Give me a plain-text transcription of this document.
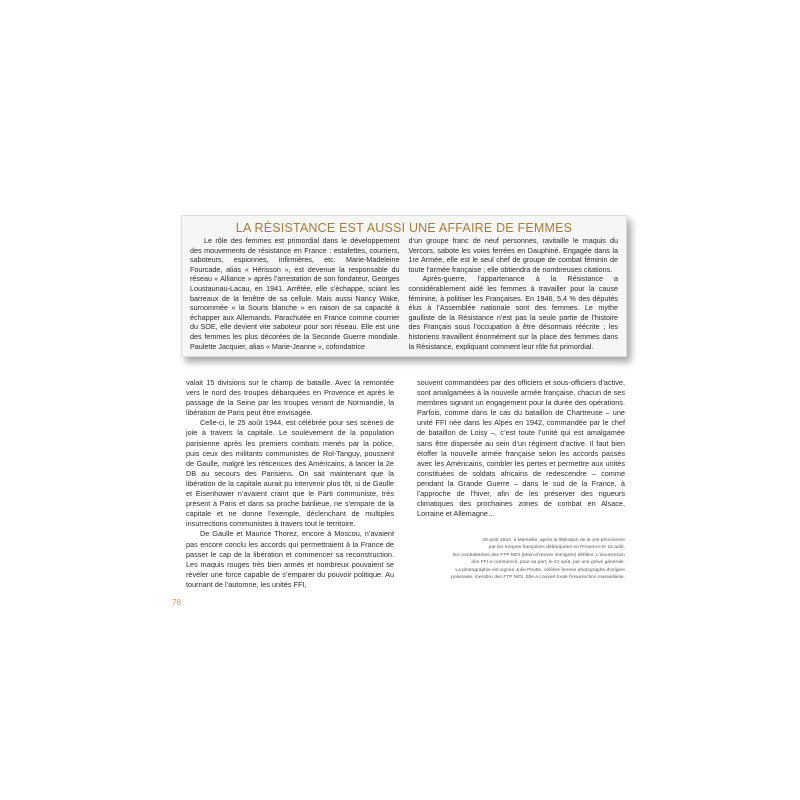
LA RÉSISTANCE EST AUSSI UNE AFFAIRE DE FEMMES

Le rôle des femmes est primordial dans le développement des mouvements de résistance en France : estafettes, courriers, saboteurs, espionnes, infirmières, etc. Marie-Madeleine Fourcade, alias « Hérisson », est devenue la responsable du réseau « Alliance » après l’arrestation de son fondateur, Georges Loustaunau-Lacau, en 1941. Arrêtée, elle s’échappe, sciant les barreaux de la fenêtre de sa cellule. Mais aussi Nancy Wake, surnommée « la Souris blanche » en raison de sa capacité à échapper aux Allemands. Parachutée en France comme courrier du SOE, elle devient vite saboteur pour son réseau. Elle est une des femmes les plus décorées de la Seconde Guerre mondiale. Paulette Jacquier, alias « Marie-Jeanne », cofondatrice

d’un groupe franc de neuf personnes, ravitaille le maquis du Vercors, sabote les voies ferrées en Dauphiné. Engagée dans la 1re Armée, elle est le seul chef de groupe de combat féminin de toute l’armée française ; elle obtiendra de nombreuses citations.

Après-guerre, l’appartenance à la Résistance a considérablement aidé les femmes à travailler pour la cause féminine, à politiser les Françaises. En 1946, 5,4 % des députés élus à l’Assemblée nationale sont des femmes. Le mythe gaulliste de la Résistance n’est pas la seule partie de l’histoire des Français sous l’occupation à être désormais réécrite ; les historiens travaillent énormément sur la place des femmes dans la Résistance, expliquant comment leur rôle fut primordial.

valait 15 divisions sur le champ de bataille. Avec la remontée vers le nord des troupes débarquées en Provence et après le passage de la Seine par les troupes venant de Normandie, la libération de Paris peut être envisagée.

Celle-ci, le 25 août 1944, est célébrée pour ses scènes de joie à travers la capitale. Le soulèvement de la population parisienne après les premiers combats menés par la police, puis ceux des militants communistes de Rol-Tanguy, poussent de Gaulle, malgré les réticences des Américains, à lancer la 2e DB au secours des Parisiens. On sait maintenant que la libération de la capitale aurait pu intervenir plus tôt, si de Gaulle et Eisenhower n’avaient craint que le Parti communiste, très présent à Paris et dans sa proche banlieue, ne s’empare de la capitale et ne donne l’exemple, déclenchant de multiples insurrections communistes à travers tout le territoire.

De Gaulle et Maurice Thorez, encore à Moscou, n’avaient pas encore conclu les accords qui permettraient à la France de passer le cap de la libération et commencer sa reconstruction. Les maquis rouges très bien armés et nombreux pouvaient se révéler une force capable de s’emparer du pouvoir politique. Au tournant de l’automne, les unités FFI,

souvent commandées par des officiers et sous-officiers d’active, sont amalgamées à la nouvelle armée française, chacun de ses membres signant un engagement pour la durée des opérations. Parfois, comme dans le cas du bataillon de Chartreuse – une unité FFI née dans les Alpes en 1942, commandée par le chef de bataillon de Loisy –, c’est toute l’unité qui est amalgamée sans être dispersée au sein d’un régiment d’active. Il faut bien étoffer la nouvelle armée française selon les accords passés avec les Américains, combler les pertes et permettre aux unités constituées de soldats africains de redescendre – comme pendant la Grande Guerre – dans le sud de la France, à l’approche de l’hiver, afin de les préserver des rigueurs climatiques des prochaines zones de combat en Alsace, Lorraine et Allemagne…

29 août 1944, à Marseille, après la libération de la cité phocéenne

par les troupes françaises débarquées en Provence le 15 août,

les combattantes des FTP MOI (Main-d’œuvre immigrée) défilent. L’insurrection

des FFI a commencé, pour sa part, le 21 août, par une grève générale.

La photographie est signée Julia Pirotte, célèbre femme photographe d’origine

polonaise, membre des FTP MOI. Elle a couvert toute l’insurrection marseillaise.

78
